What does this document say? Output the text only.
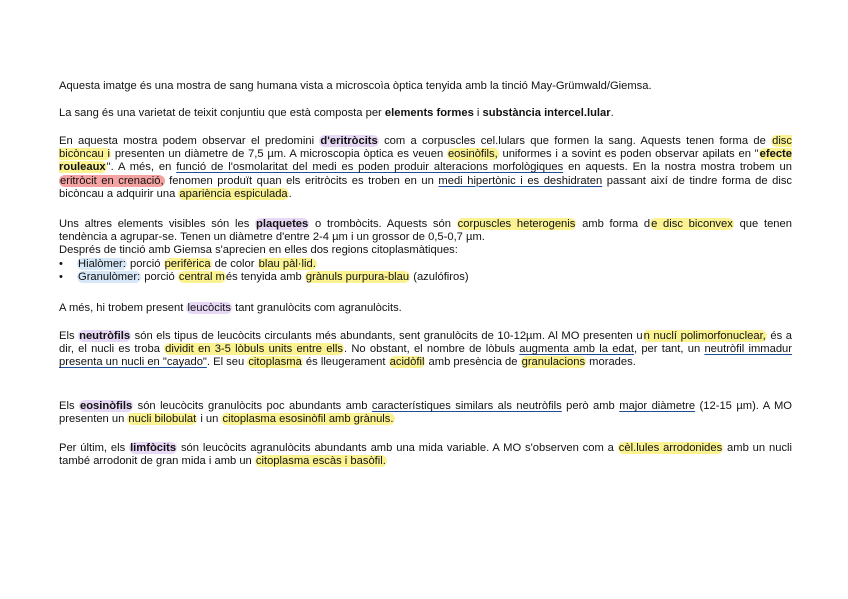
Aquesta imatge és una mostra de sang humana vista a microscoìa òptica tenyida amb la tinció May-Grümwald/Giemsa.
La sang és una varietat de teixit conjuntiu que està composta per elements formes i substància intercel.lular.
En aquesta mostra podem observar el predomini d'eritròcits com a corpuscles cel.lulars que formen la sang. Aquests tenen forma de disc bicòncau i presenten un diàmetre de 7,5 µm. A microscopia òptica es veuen eosinòfils, uniformes i a sovint es poden observar apilats en "efecte rouleaux". A més, en funció de l'osmolaritat del medi es poden produir alteracions morfològiques en aquests. En la nostra mostra trobem un eritròcit en crenació, fenomen produït quan els eritròcits es troben en un medi hipertònic i es deshidraten passant així de tindre forma de disc bicòncau a adquirir una apariència espiculada.
Uns altres elements visibles són les plaquetes o trombòcits. Aquests són corpuscles heterogenis amb forma de disc biconvex que tenen tendència a agrupar-se. Tenen un diàmetre d'entre 2-4 µm i un grossor de 0,5-0,7 µm.
Després de tinció amb Giemsa s'aprecien en elles dos regions citoplasmàtiques:
• Hialòmer: porció perifèrica de color blau pàl·lid.
• Granulòmer: porció central més tenyida amb grànuls purpura-blau (azulófiros)
A més, hi trobem present leucòcits tant granulòcits com agranulòcits.
Els neutròfils són els tipus de leucòcits circulants més abundants, sent granulòcits de 10-12µm. Al MO presenten un nuclí polimorfonuclear, és a dir, el nucli es troba dividit en 3-5 lòbuls units entre ells. No obstant, el nombre de lòbuls augmenta amb la edat, per tant, un neutròfil immadur presenta un nucli en "cayado". El seu citoplasma és lleugerament acidòfil amb presència de granulacions morades.
Els eosinòfils són leucòcits granulòcits poc abundants amb característiques similars als neutròfils però amb major diàmetre (12-15 µm). A MO presenten un nucli bilobulat i un citoplasma esosinòfil amb grànuls.
Per últim, els limfòcits són leucòcits agranulòcits abundants amb una mida variable. A MO s'observen com a cèl.lules arrodonides amb un nucli també arrodonit de gran mida i amb un citoplasma escàs i basòfil.
